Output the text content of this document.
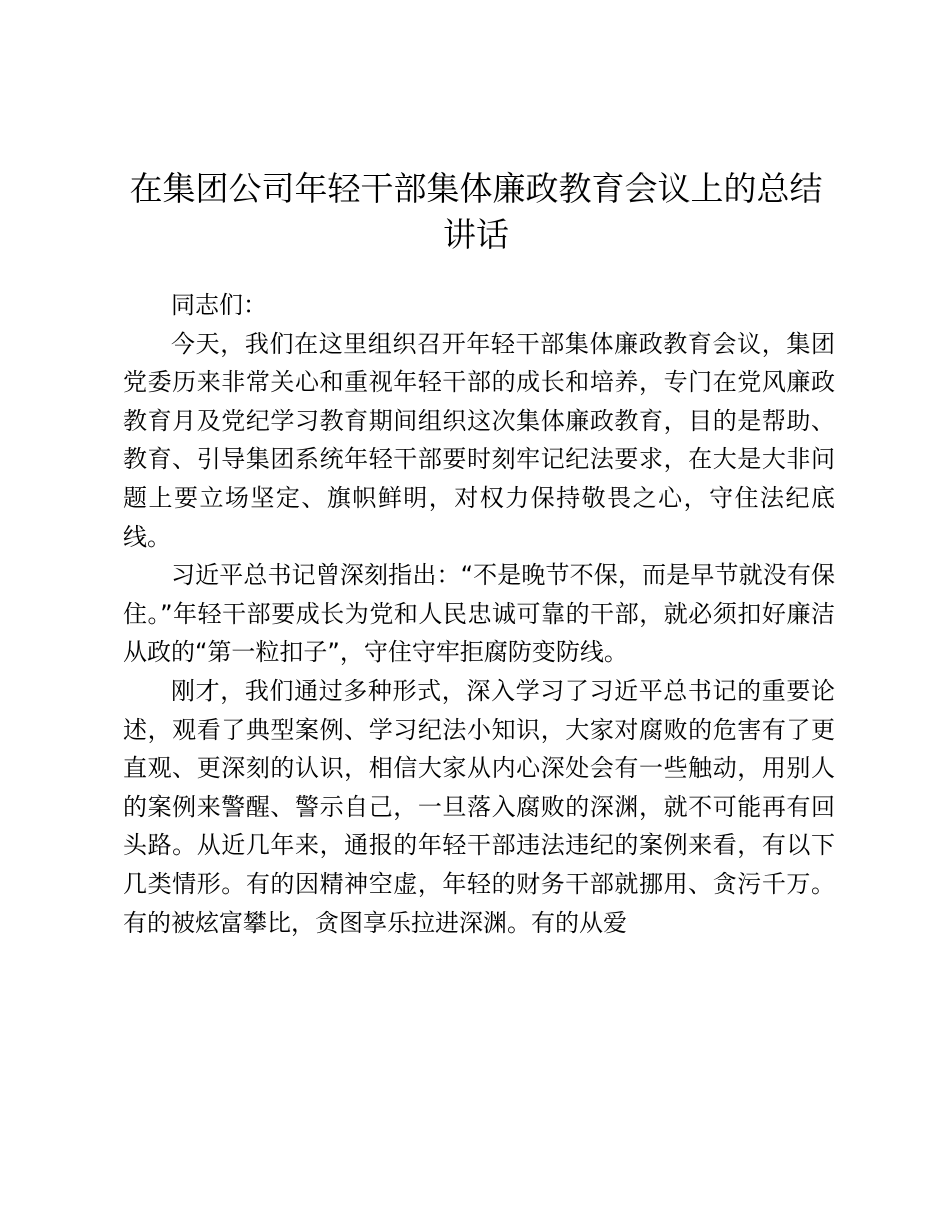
在集团公司年轻干部集体廉政教育会议上的总结讲话

同志们：

今天，我们在这里组织召开年轻干部集体廉政教育会议，集团党委历来非常关心和重视年轻干部的成长和培养，专门在党风廉政教育月及党纪学习教育期间组织这次集体廉政教育，目的是帮助、教育、引导集团系统年轻干部要时刻牢记纪法要求，在大是大非问题上要立场坚定、旗帜鲜明，对权力保持敬畏之心，守住法纪底线。

习近平总书记曾深刻指出：“不是晚节不保，而是早节就没有保住。”年轻干部要成长为党和人民忠诚可靠的干部，就必须扣好廉洁从政的“第一粒扣子”，守住守牢拒腐防变防线。

刚才，我们通过多种形式，深入学习了习近平总书记的重要论述，观看了典型案例、学习纪法小知识，大家对腐败的危害有了更直观、更深刻的认识，相信大家从内心深处会有一些触动，用别人的案例来警醒、警示自己，一旦落入腐败的深渊，就不可能再有回头路。从近几年来，通报的年轻干部违法违纪的案例来看，有以下几类情形。有的因精神空虚，年轻的财务干部就挪用、贪污千万。有的被炫富攀比，贪图享乐拉进深渊。有的从爱
